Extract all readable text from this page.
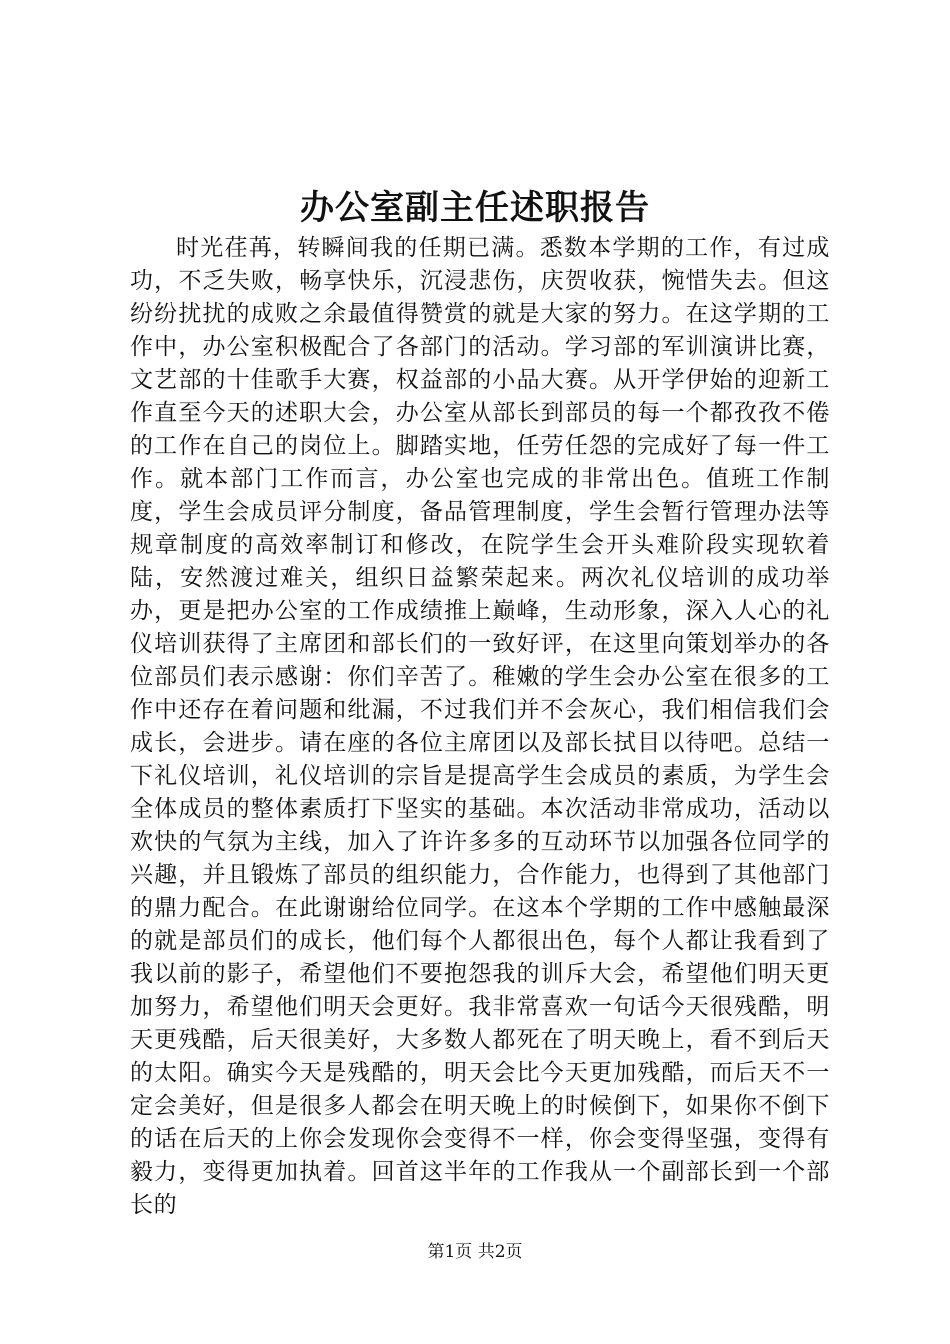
办公室副主任述职报告

时光荏苒，转瞬间我的任期已满。悉数本学期的工作，有过成功，不乏失败，畅享快乐，沉浸悲伤，庆贺收获，惋惜失去。但这纷纷扰扰的成败之余最值得赞赏的就是大家的努力。在这学期的工作中，办公室积极配合了各部门的活动。学习部的军训演讲比赛，文艺部的十佳歌手大赛，权益部的小品大赛。从开学伊始的迎新工作直至今天的述职大会，办公室从部长到部员的每一个都孜孜不倦的工作在自己的岗位上。脚踏实地，任劳任怨的完成好了每一件工作。就本部门工作而言，办公室也完成的非常出色。值班工作制度，学生会成员评分制度，备品管理制度，学生会暂行管理办法等规章制度的高效率制订和修改，在院学生会开头难阶段实现软着陆，安然渡过难关，组织日益繁荣起来。两次礼仪培训的成功举办，更是把办公室的工作成绩推上巅峰，生动形象，深入人心的礼仪培训获得了主席团和部长们的一致好评，在这里向策划举办的各位部员们表示感谢：你们辛苦了。稚嫩的学生会办公室在很多的工作中还存在着问题和纰漏，不过我们并不会灰心，我们相信我们会成长，会进步。请在座的各位主席团以及部长拭目以待吧。总结一下礼仪培训，礼仪培训的宗旨是提高学生会成员的素质，为学生会全体成员的整体素质打下坚实的基础。本次活动非常成功，活动以欢快的气氛为主线，加入了许许多多的互动环节以加强各位同学的兴趣，并且锻炼了部员的组织能力，合作能力，也得到了其他部门的鼎力配合。在此谢谢给位同学。在这本个学期的工作中感触最深的就是部员们的成长，他们每个人都很出色，每个人都让我看到了我以前的影子，希望他们不要抱怨我的训斥大会，希望他们明天更加努力，希望他们明天会更好。我非常喜欢一句话今天很残酷，明天更残酷，后天很美好，大多数人都死在了明天晚上，看不到后天的太阳。确实今天是残酷的，明天会比今天更加残酷，而后天不一定会美好，但是很多人都会在明天晚上的时候倒下，如果你不倒下的话在后天的上你会发现你会变得不一样，你会变得坚强，变得有毅力，变得更加执着。回首这半年的工作我从一个副部长到一个部长的

第1页 共2页
